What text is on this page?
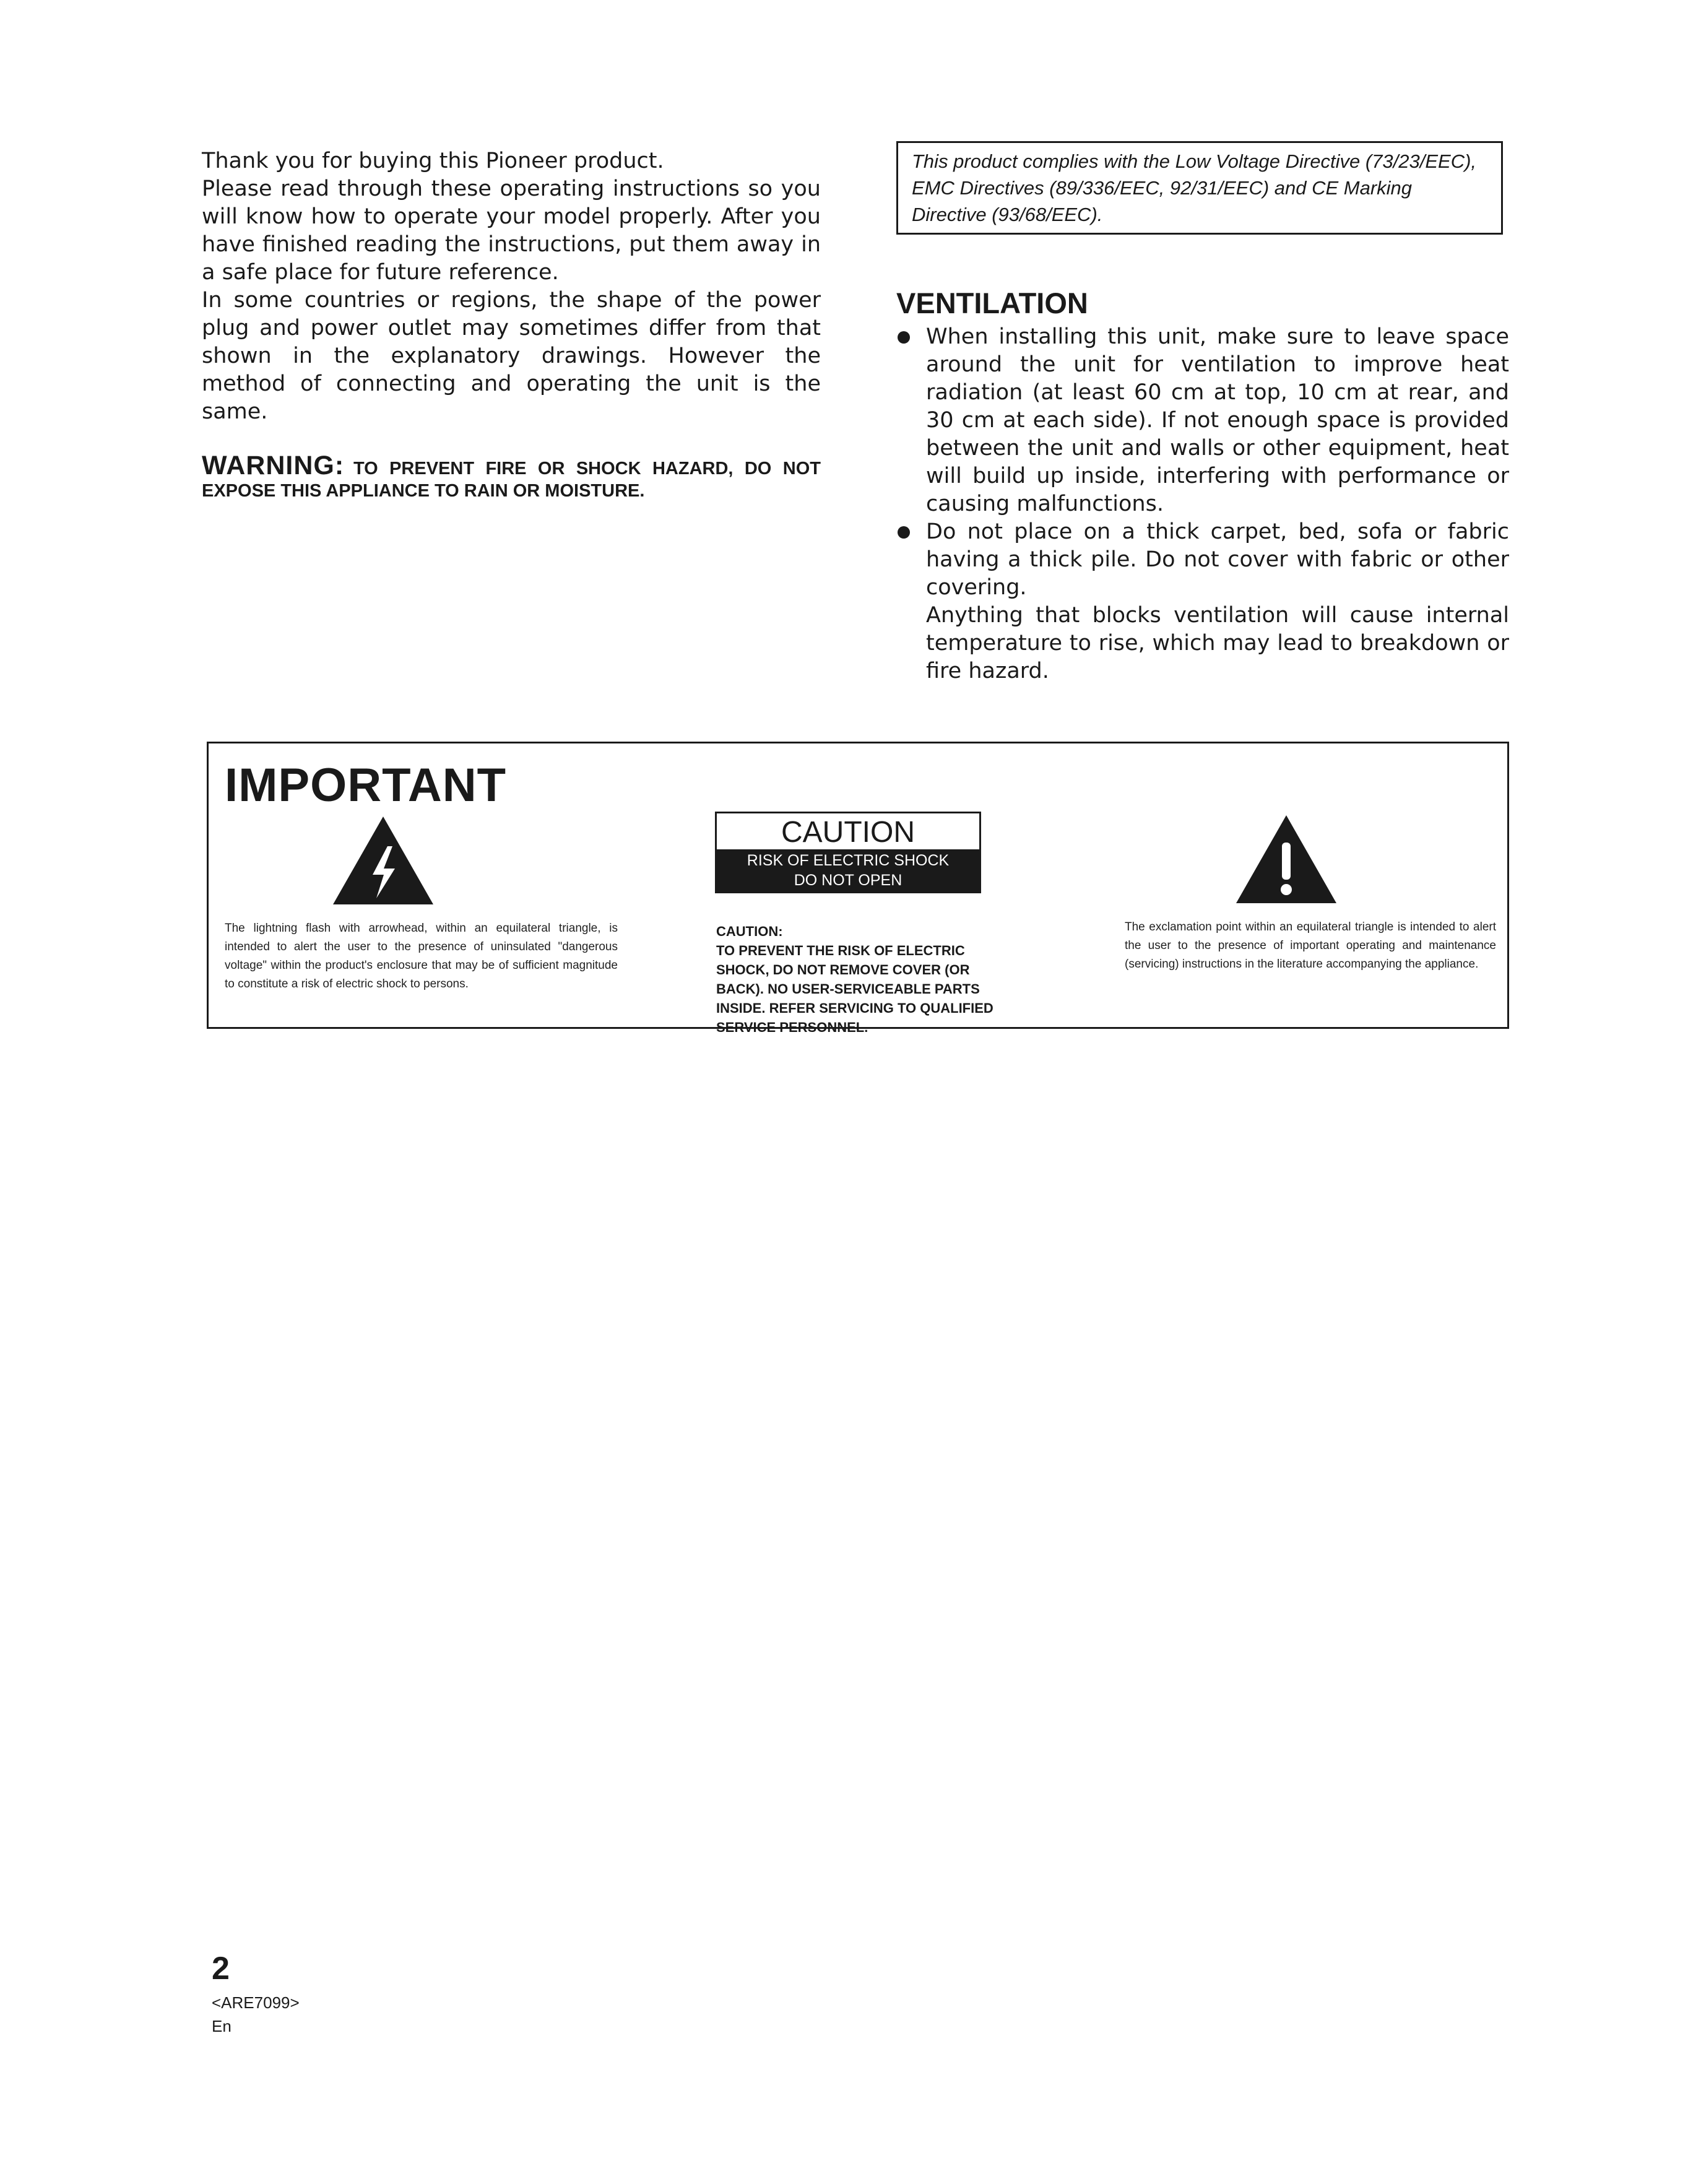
Thank you for buying this Pioneer product.

Please read through these operating instructions so you will know how to operate your model properly. After you have finished reading the instructions, put them away in a safe place for future reference.

In some countries or regions, the shape of the power plug and power outlet may sometimes differ from that shown in the explanatory drawings. However the method of connecting and operating the unit is the same.

WARNING: TO PREVENT FIRE OR SHOCK HAZARD, DO NOT EXPOSE THIS APPLIANCE TO RAIN OR MOISTURE.
This product complies with the Low Voltage Directive (73/23/EEC), EMC Directives (89/336/EEC, 92/31/EEC) and CE Marking Directive (93/68/EEC).
VENTILATION

When installing this unit, make sure to leave space around the unit for ventilation to improve heat radiation (at least 60 cm at top, 10 cm at rear, and 30 cm at each side). If not enough space is provided between the unit and walls or other equipment, heat will build up inside, interfering with performance or causing malfunctions.

Do not place on a thick carpet, bed, sofa or fabric having a thick pile. Do not cover with fabric or other covering.

Anything that blocks ventilation will cause internal temperature to rise, which may lead to breakdown or fire hazard.

IMPORTANT
The lightning flash with arrowhead, within an equilateral triangle, is intended to alert the user to the presence of uninsulated "dangerous voltage" within the product's enclosure that may be of sufficient magnitude to constitute a risk of electric shock to persons.
CAUTION
RISK OF ELECTRIC SHOCK
DO NOT OPEN
CAUTION:
TO PREVENT THE RISK OF ELECTRIC SHOCK, DO NOT REMOVE COVER (OR BACK). NO USER-SERVICEABLE PARTS INSIDE. REFER SERVICING TO QUALIFIED SERVICE PERSONNEL.
The exclamation point within an equilateral triangle is intended to alert the user to the presence of important operating and maintenance (servicing) instructions in the literature accompanying the appliance.
2
<ARE7099>
En
